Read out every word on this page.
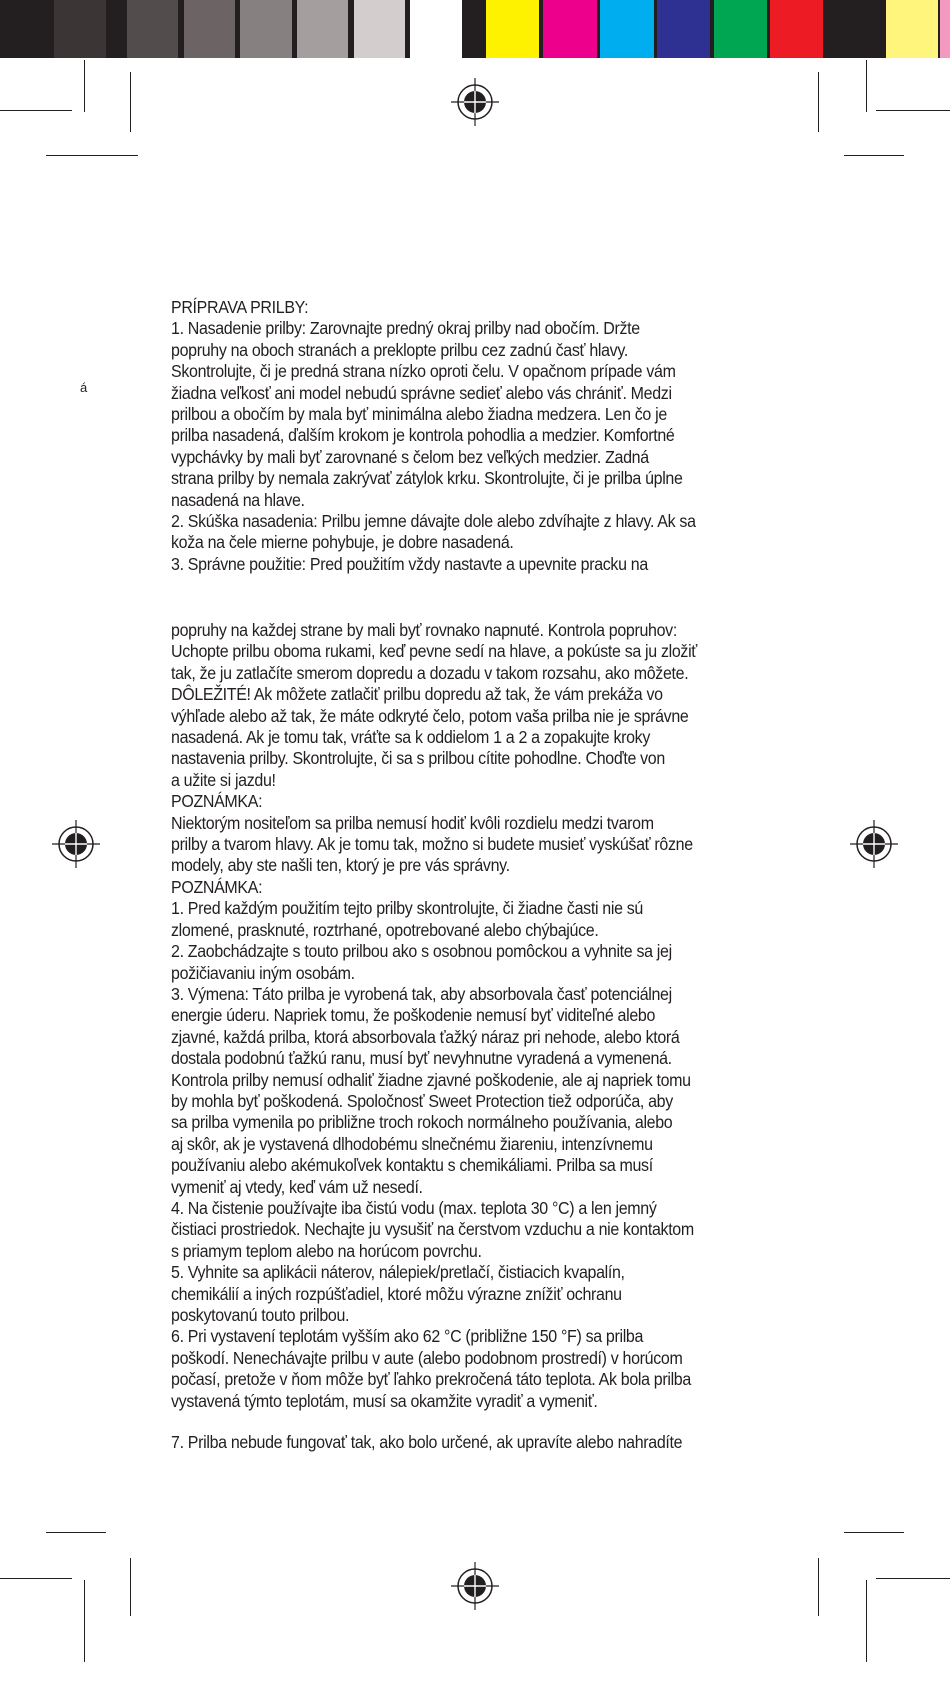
á
PRÍPRAVA PRILBY:
1. Nasadenie prilby: Zarovnajte predný okraj prilby nad obočím. Držte
popruhy na oboch stranách a preklopte prilbu cez zadnú časť hlavy.
Skontrolujte, či je predná strana nízko oproti čelu. V opačnom prípade vám
žiadna veľkosť ani model nebudú správne sedieť alebo vás chrániť. Medzi
prilbou a obočím by mala byť minimálna alebo žiadna medzera. Len čo je
prilba nasadená, ďalším krokom je kontrola pohodlia a medzier. Komfortné
vypchávky by mali byť zarovnané s čelom bez veľkých medzier. Zadná
strana prilby by nemala zakrývať zátylok krku. Skontrolujte, či je prilba úplne
nasadená na hlave.
2. Skúška nasadenia: Prilbu jemne dávajte dole alebo zdvíhajte z hlavy. Ak sa
koža na čele mierne pohybuje, je dobre nasadená.
3. Správne použitie: Pred použitím vždy nastavte a upevnite pracku na
popruhy na každej strane by mali byť rovnako napnuté. Kontrola popruhov:
Uchopte prilbu oboma rukami, keď pevne sedí na hlave, a pokúste sa ju zložiť
tak, že ju zatlačíte smerom dopredu a dozadu v takom rozsahu, ako môžete.
DÔLEŽITÉ! Ak môžete zatlačiť prilbu dopredu až tak, že vám prekáža vo
výhľade alebo až tak, že máte odkryté čelo, potom vaša prilba nie je správne
nasadená. Ak je tomu tak, vráťte sa k oddielom 1 a 2 a zopakujte kroky
nastavenia prilby. Skontrolujte, či sa s prilbou cítite pohodlne. Choďte von
a užite si jazdu!
POZNÁMKA:
Niektorým nositeľom sa prilba nemusí hodiť kvôli rozdielu medzi tvarom
prilby a tvarom hlavy. Ak je tomu tak, možno si budete musieť vyskúšať rôzne
modely, aby ste našli ten, ktorý je pre vás správny.
POZNÁMKA:
1. Pred každým použitím tejto prilby skontrolujte, či žiadne časti nie sú
zlomené, prasknuté, roztrhané, opotrebované alebo chýbajúce.
2. Zaobchádzajte s touto prilbou ako s osobnou pomôckou a vyhnite sa jej
požičiavaniu iným osobám.
3. Výmena: Táto prilba je vyrobená tak, aby absorbovala časť potenciálnej
energie úderu. Napriek tomu, že poškodenie nemusí byť viditeľné alebo
zjavné, každá prilba, ktorá absorbovala ťažký náraz pri nehode, alebo ktorá
dostala podobnú ťažkú ranu, musí byť nevyhnutne vyradená a vymenená.
Kontrola prilby nemusí odhaliť žiadne zjavné poškodenie, ale aj napriek tomu
by mohla byť poškodená. Spoločnosť Sweet Protection tiež odporúča, aby
sa prilba vymenila po približne troch rokoch normálneho používania, alebo
aj skôr, ak je vystavená dlhodobému slnečnému žiareniu, intenzívnemu
používaniu alebo akémukoľvek kontaktu s chemikáliami. Prilba sa musí
vymeniť aj vtedy, keď vám už nesedí.
4. Na čistenie používajte iba čistú vodu (max. teplota 30 °C) a len jemný
čistiaci prostriedok. Nechajte ju vysušiť na čerstvom vzduchu a nie kontaktom
s priamym teplom alebo na horúcom povrchu.
5. Vyhnite sa aplikácii náterov, nálepiek/pretlačí, čistiacich kvapalín,
chemikálií a iných rozpúšťadiel, ktoré môžu výrazne znížiť ochranu
poskytovanú touto prilbou.
6. Pri vystavení teplotám vyšším ako 62 °C (približne 150 °F) sa prilba
poškodí. Nenechávajte prilbu v aute (alebo podobnom prostredí) v horúcom
počasí, pretože v ňom môže byť ľahko prekročená táto teplota. Ak bola prilba
vystavená týmto teplotám, musí sa okamžite vyradiť a vymeniť.
7. Prilba nebude fungovať tak, ako bolo určené, ak upravíte alebo nahradíte
